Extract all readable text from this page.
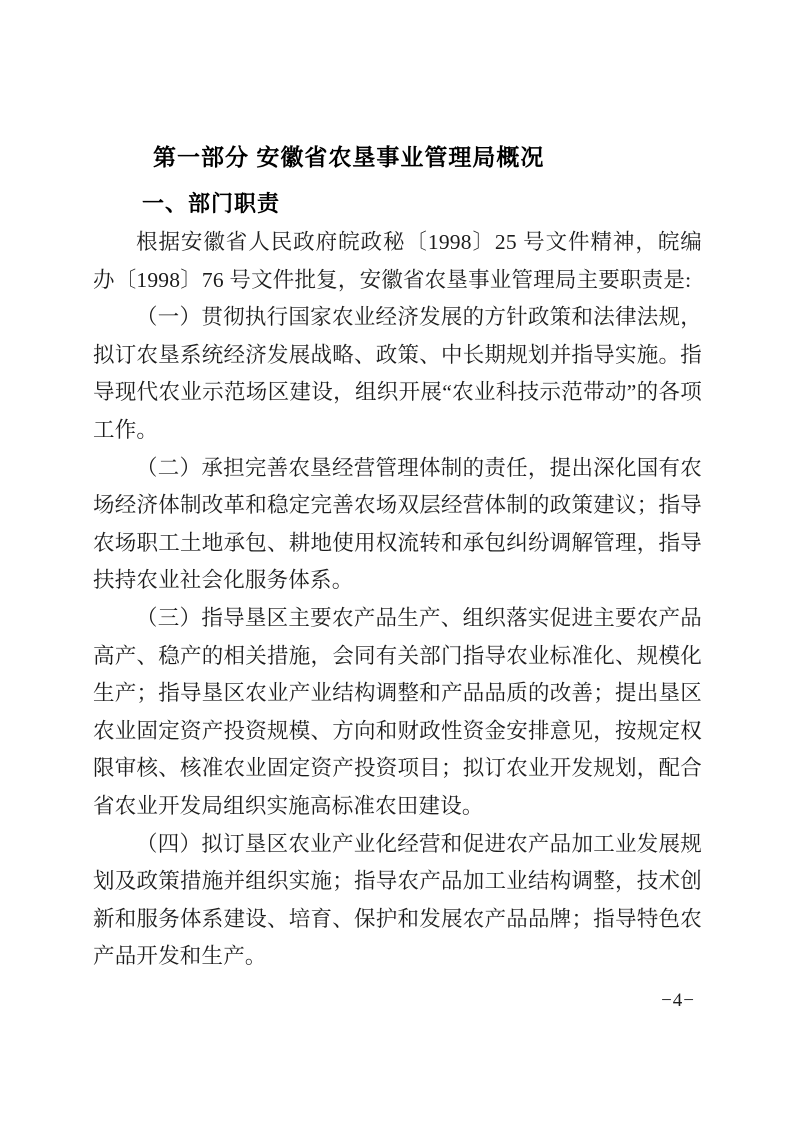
第一部分 安徽省农垦事业管理局概况
一、部门职责

根据安徽省人民政府皖政秘〔1998〕25 号文件精神，皖编办〔1998〕76 号文件批复，安徽省农垦事业管理局主要职责是:

（一）贯彻执行国家农业经济发展的方针政策和法律法规，拟订农垦系统经济发展战略、政策、中长期规划并指导实施。指导现代农业示范场区建设，组织开展“农业科技示范带动”的各项工作。

（二）承担完善农垦经营管理体制的责任，提出深化国有农场经济体制改革和稳定完善农场双层经营体制的政策建议；指导农场职工土地承包、耕地使用权流转和承包纠纷调解管理，指导扶持农业社会化服务体系。

（三）指导垦区主要农产品生产、组织落实促进主要农产品高产、稳产的相关措施，会同有关部门指导农业标准化、规模化生产；指导垦区农业产业结构调整和产品品质的改善；提出垦区农业固定资产投资规模、方向和财政性资金安排意见，按规定权限审核、核准农业固定资产投资项目；拟订农业开发规划，配合省农业开发局组织实施高标准农田建设。

（四）拟订垦区农业产业化经营和促进农产品加工业发展规划及政策措施并组织实施；指导农产品加工业结构调整，技术创新和服务体系建设、培育、保护和发展农产品品牌；指导特色农产品开发和生产。

−4−
